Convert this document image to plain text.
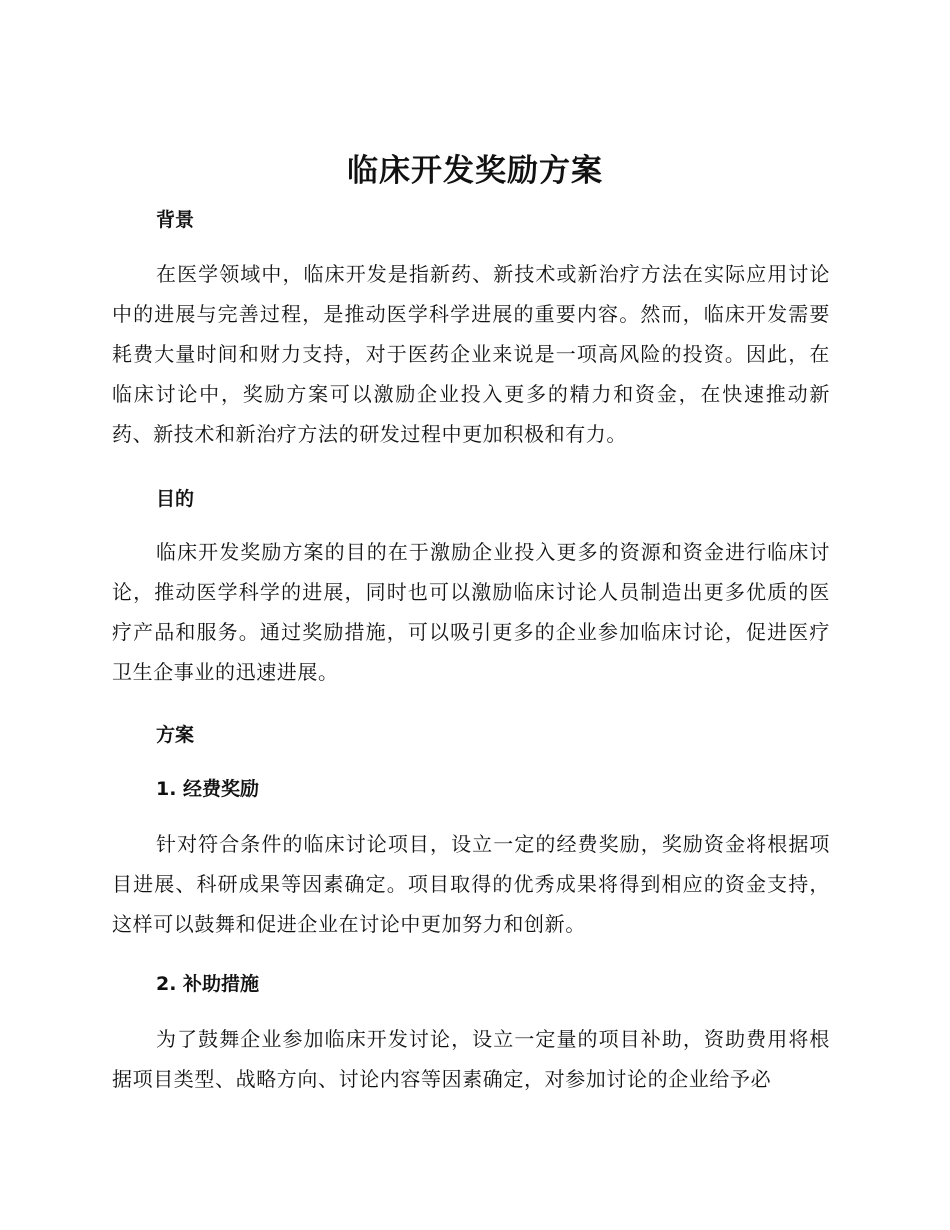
临床开发奖励方案
背景

在医学领域中，临床开发是指新药、新技术或新治疗方法在实际应用讨论中的进展与完善过程，是推动医学科学进展的重要内容。然而，临床开发需要耗费大量时间和财力支持，对于医药企业来说是一项高风险的投资。因此，在临床讨论中，奖励方案可以激励企业投入更多的精力和资金，在快速推动新药、新技术和新治疗方法的研发过程中更加积极和有力。

目的

临床开发奖励方案的目的在于激励企业投入更多的资源和资金进行临床讨论，推动医学科学的进展，同时也可以激励临床讨论人员制造出更多优质的医疗产品和服务。通过奖励措施，可以吸引更多的企业参加临床讨论，促进医疗卫生企事业的迅速进展。

方案
1. 经费奖励

针对符合条件的临床讨论项目，设立一定的经费奖励，奖励资金将根据项目进展、科研成果等因素确定。项目取得的优秀成果将得到相应的资金支持，这样可以鼓舞和促进企业在讨论中更加努力和创新。

2. 补助措施

为了鼓舞企业参加临床开发讨论，设立一定量的项目补助，资助费用将根据项目类型、战略方向、讨论内容等因素确定，对参加讨论的企业给予必
